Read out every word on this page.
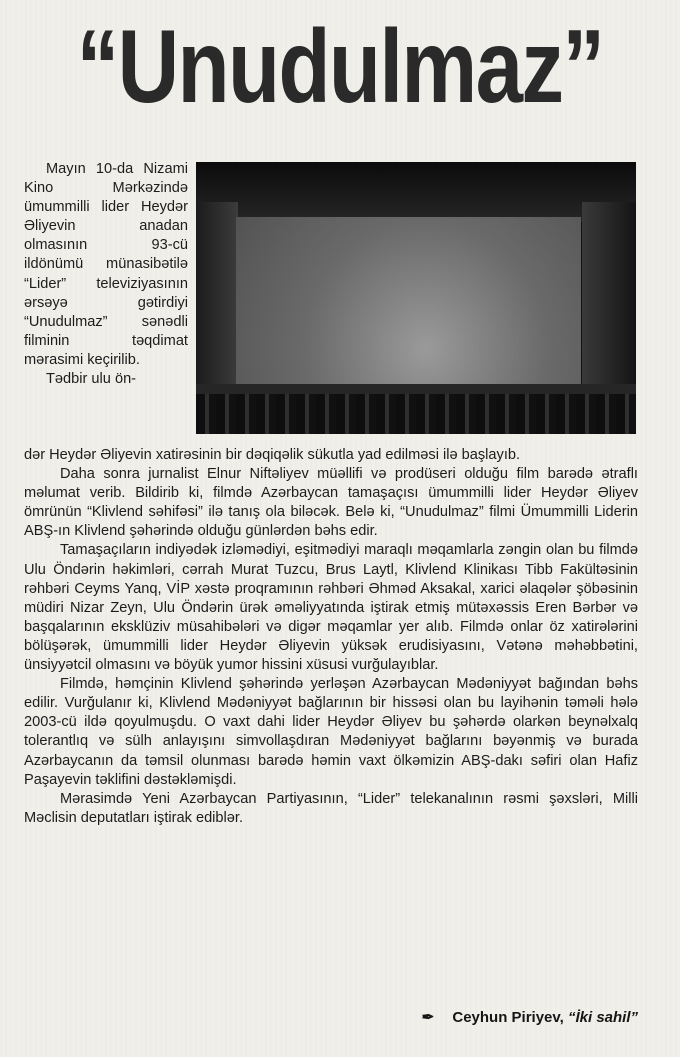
“Unudulmaz”

Mayın 10-da Nizami Kino Mərkəzində ümummilli lider Heydər Əliyevin anadan olmasının 93-cü ildönümü münasibətilə “Lider” televiziyasının ərsəyə gətirdiyi “Unudulmaz” sənədli filminin təqdimat mərasimi keçirilib.

Tədbir ulu ön-

dər Heydər Əliyevin xatirəsinin bir dəqiqəlik sükutla yad edilməsi ilə başlayıb.

Daha sonra jurnalist Elnur Niftəliyev müəllifi və prodüseri olduğu film barədə ətraflı məlumat verib. Bildirib ki, filmdə Azərbaycan tamaşaçısı ümummilli lider Heydər Əliyev ömrünün “Klivlend səhifəsi” ilə tanış ola biləcək. Belə ki, “Unudulmaz” filmi Ümummilli Liderin ABŞ-ın Klivlend şəhərində olduğu günlərdən bəhs edir.

Tamaşaçıların indiyədək izləmədiyi, eşitmədiyi maraqlı məqamlarla zəngin olan bu filmdə Ulu Öndərin həkimləri, cərrah Murat Tuzcu, Brus Laytl, Klivlend Klinikası Tibb Fakültəsinin rəhbəri Ceyms Yanq, VİP xəstə proqramının rəhbəri Əhməd Aksakal, xarici əlaqələr şöbəsinin müdiri Nizar Zeyn, Ulu Öndərin ürək əməliyyatında iştirak etmiş mütəxəssis Eren Bərbər və başqalarının eksklüziv müsahibələri və digər məqamlar yer alıb. Filmdə onlar öz xatirələrini bölüşərək, ümummilli lider Heydər Əliyevin yüksək erudisiyasını, Vətənə məhəbbətini, ünsiyyətcil olmasını və böyük yumor hissini xüsusi vurğulayıblar.

Filmdə, həmçinin Klivlend şəhərində yerləşən Azərbaycan Mədəniyyət bağından bəhs edilir. Vurğulanır ki, Klivlend Mədəniyyət bağlarının bir hissəsi olan bu layihənin təməli hələ 2003-cü ildə qoyulmuşdu. O vaxt dahi lider Heydər Əliyev bu şəhərdə olarkən beynəlxalq tolerantlıq və sülh anlayışını simvollaşdıran Mədəniyyət bağlarını bəyənmiş və burada Azərbaycanın da təmsil olunması barədə həmin vaxt ölkəmizin ABŞ-dakı səfiri olan Hafiz Paşayevin təklifini dəstəkləmişdi.

Mərasimdə Yeni Azərbaycan Partiyasının, “Lider” telekanalının rəsmi şəxsləri, Milli Məclisin deputatları iştirak ediblər.

✒ Ceyhun Piriyev, “İki sahil”
